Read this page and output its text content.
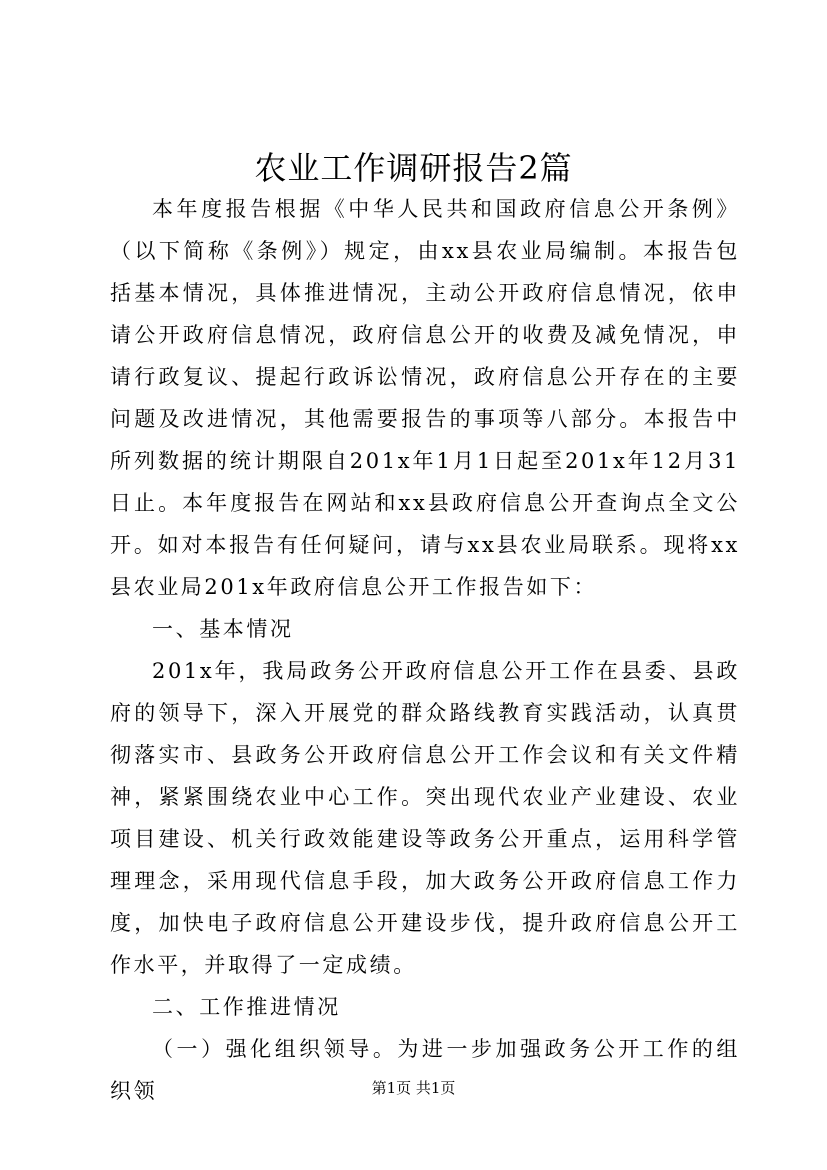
农业工作调研报告2篇

本年度报告根据《中华人民共和国政府信息公开条例》（以下简称《条例》）规定，由xx县农业局编制。本报告包括基本情况，具体推进情况，主动公开政府信息情况，依申请公开政府信息情况，政府信息公开的收费及减免情况，申请行政复议、提起行政诉讼情况，政府信息公开存在的主要问题及改进情况，其他需要报告的事项等八部分。本报告中所列数据的统计期限自201x年1月1日起至201x年12月31日止。本年度报告在网站和xx县政府信息公开查询点全文公开。如对本报告有任何疑问，请与xx县农业局联系。现将xx县农业局201x年政府信息公开工作报告如下：

一、基本情况

201x年，我局政务公开政府信息公开工作在县委、县政府的领导下，深入开展党的群众路线教育实践活动，认真贯彻落实市、县政务公开政府信息公开工作会议和有关文件精神，紧紧围绕农业中心工作。突出现代农业产业建设、农业项目建设、机关行政效能建设等政务公开重点，运用科学管理理念，采用现代信息手段，加大政务公开政府信息工作力度，加快电子政府信息公开建设步伐，提升政府信息公开工作水平，并取得了一定成绩。

二、工作推进情况

（一）强化组织领导。为进一步加强政务公开工作的组织领	第1页 共1页
